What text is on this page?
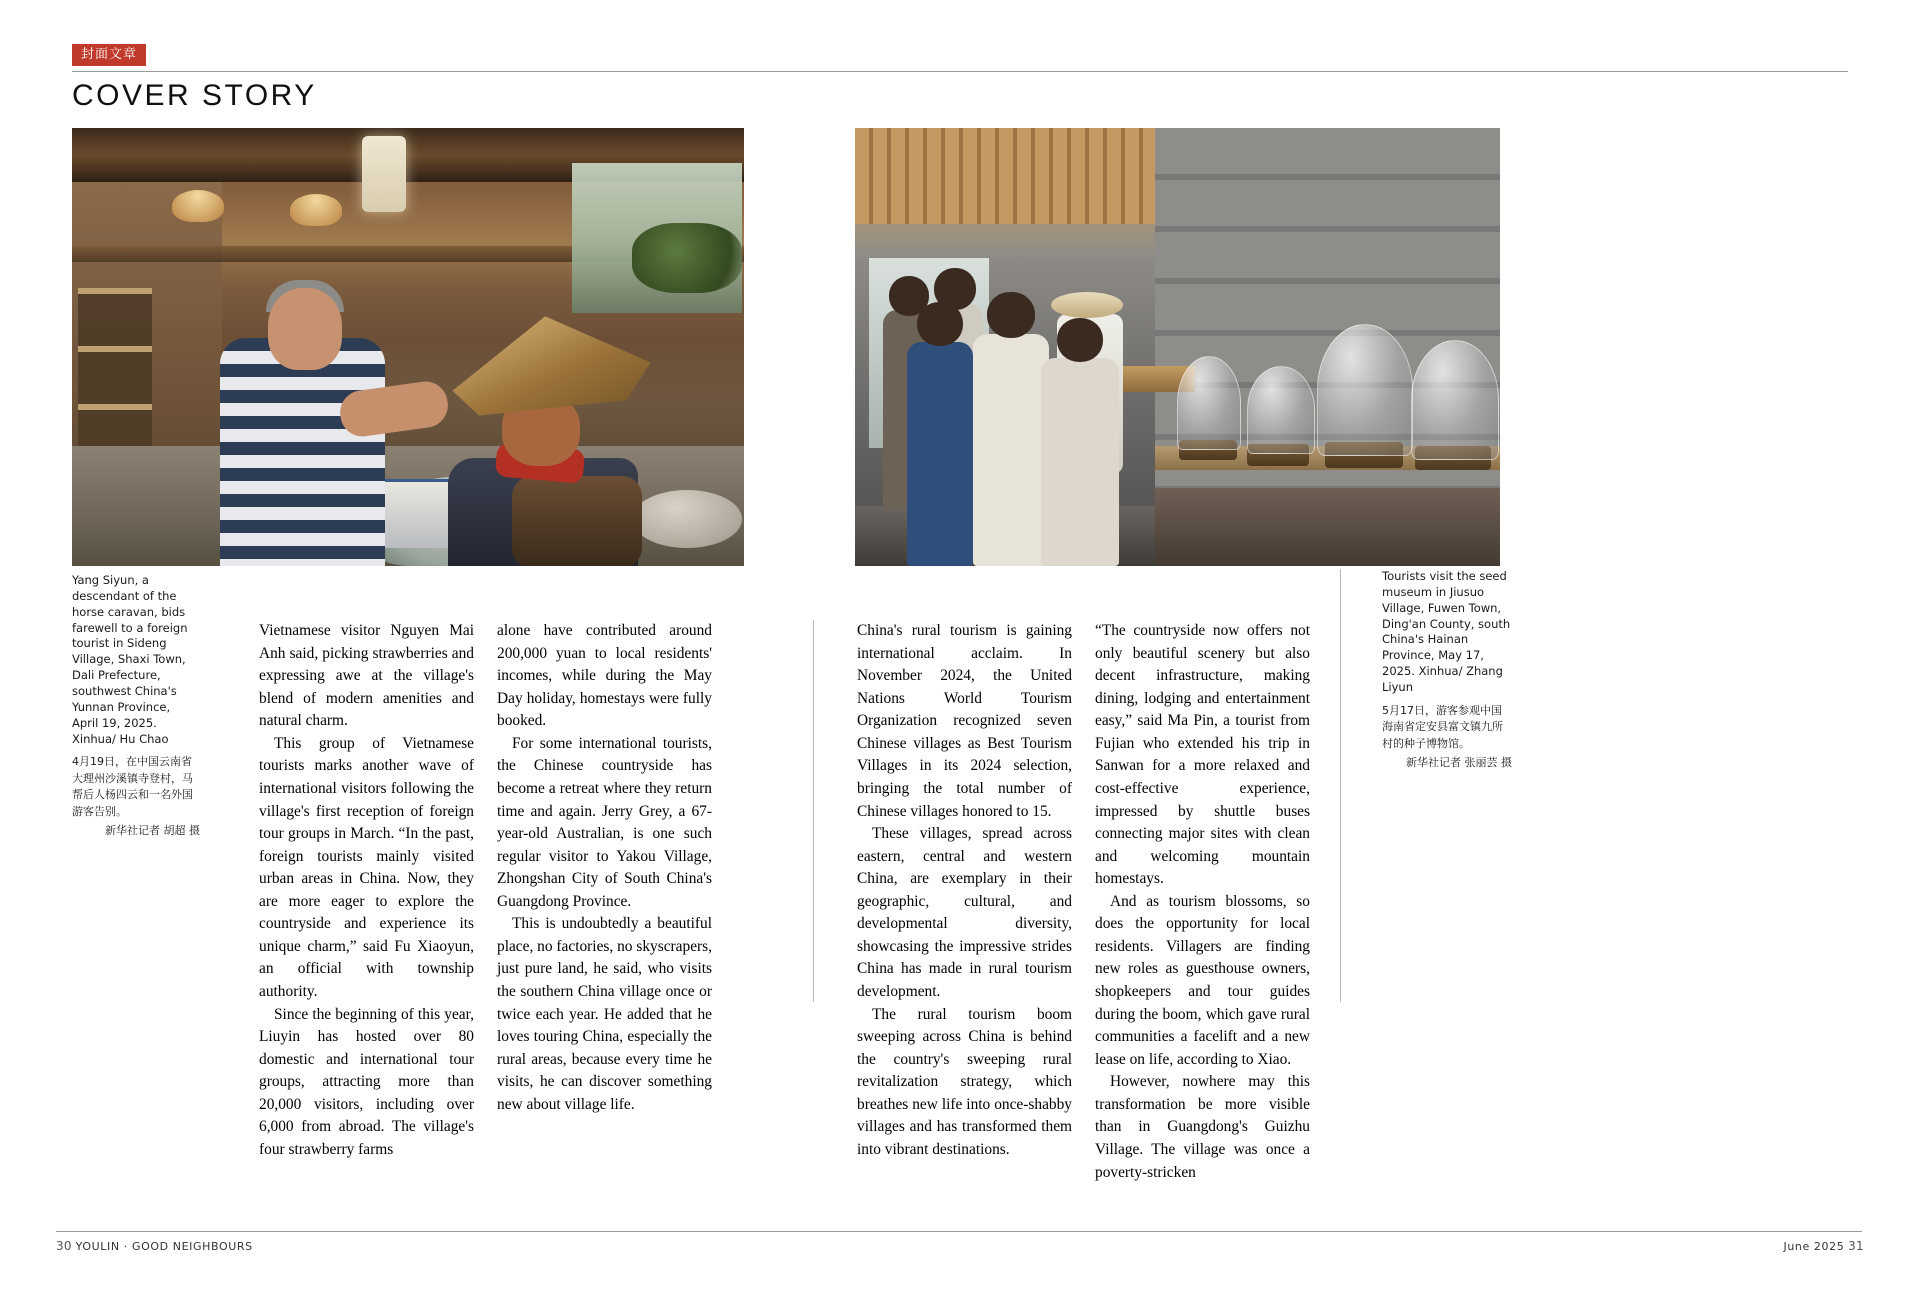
封面文章
COVER STORY
Yang Siyun, a descendant of the horse caravan, bids farewell to a foreign tourist in Sideng Village, Shaxi Town, Dali Prefecture, southwest China's Yunnan Province, April 19, 2025. Xinhua/ Hu Chao
4月19日，在中国云南省大理州沙溪镇寺登村，马帮后人杨四云和一名外国游客告别。
新华社记者 胡超 摄
Tourists visit the seed museum in Jiusuo Village, Fuwen Town, Ding'an County, south China's Hainan Province, May 17, 2025. Xinhua/ Zhang Liyun
5月17日，游客参观中国海南省定安县富文镇九所村的种子博物馆。
新华社记者 张丽芸 摄

Vietnamese visitor Nguyen Mai Anh said, picking strawberries and expressing awe at the village's blend of modern amenities and natural charm.

This group of Vietnamese tourists marks another wave of international visitors following the village's first reception of foreign tour groups in March. “In the past, foreign tourists mainly visited urban areas in China. Now, they are more eager to explore the countryside and experience its unique charm,” said Fu Xiaoyun, an official with township authority.

Since the beginning of this year, Liuyin has hosted over 80 domestic and international tour groups, attracting more than 20,000 visitors, including over 6,000 from abroad. The village's four strawberry farms

alone have contributed around 200,000 yuan to local residents' incomes, while during the May Day holiday, homestays were fully booked.

For some international tourists, the Chinese countryside has become a retreat where they return time and again. Jerry Grey, a 67-year-old Australian, is one such regular visitor to Yakou Village, Zhongshan City of South China's Guangdong Province.

This is undoubtedly a beautiful place, no factories, no skyscrapers, just pure land, he said, who visits the southern China village once or twice each year. He added that he loves touring China, especially the rural areas, because every time he visits, he can discover something new about village life.

China's rural tourism is gaining international acclaim. In November 2024, the United Nations World Tourism Organization recognized seven Chinese villages as Best Tourism Villages in its 2024 selection, bringing the total number of Chinese villages honored to 15.

These villages, spread across eastern, central and western China, are exemplary in their geographic, cultural, and developmental diversity, showcasing the impressive strides China has made in rural tourism development.

The rural tourism boom sweeping across China is behind the country's sweeping rural revitalization strategy, which breathes new life into once-shabby villages and has transformed them into vibrant destinations.

“The countryside now offers not only beautiful scenery but also decent infrastructure, making dining, lodging and entertainment easy,” said Ma Pin, a tourist from Fujian who extended his trip in Sanwan for a more relaxed and cost-effective experience, impressed by shuttle buses connecting major sites with clean and welcoming mountain homestays.

And as tourism blossoms, so does the opportunity for local residents. Villagers are finding new roles as guesthouse owners, shopkeepers and tour guides during the boom, which gave rural communities a facelift and a new lease on life, according to Xiao.

However, nowhere may this transformation be more visible than in Guangdong's Guizhu Village. The village was once a poverty-stricken

30 YOULIN · GOOD NEIGHBOURS	June 2025 31
